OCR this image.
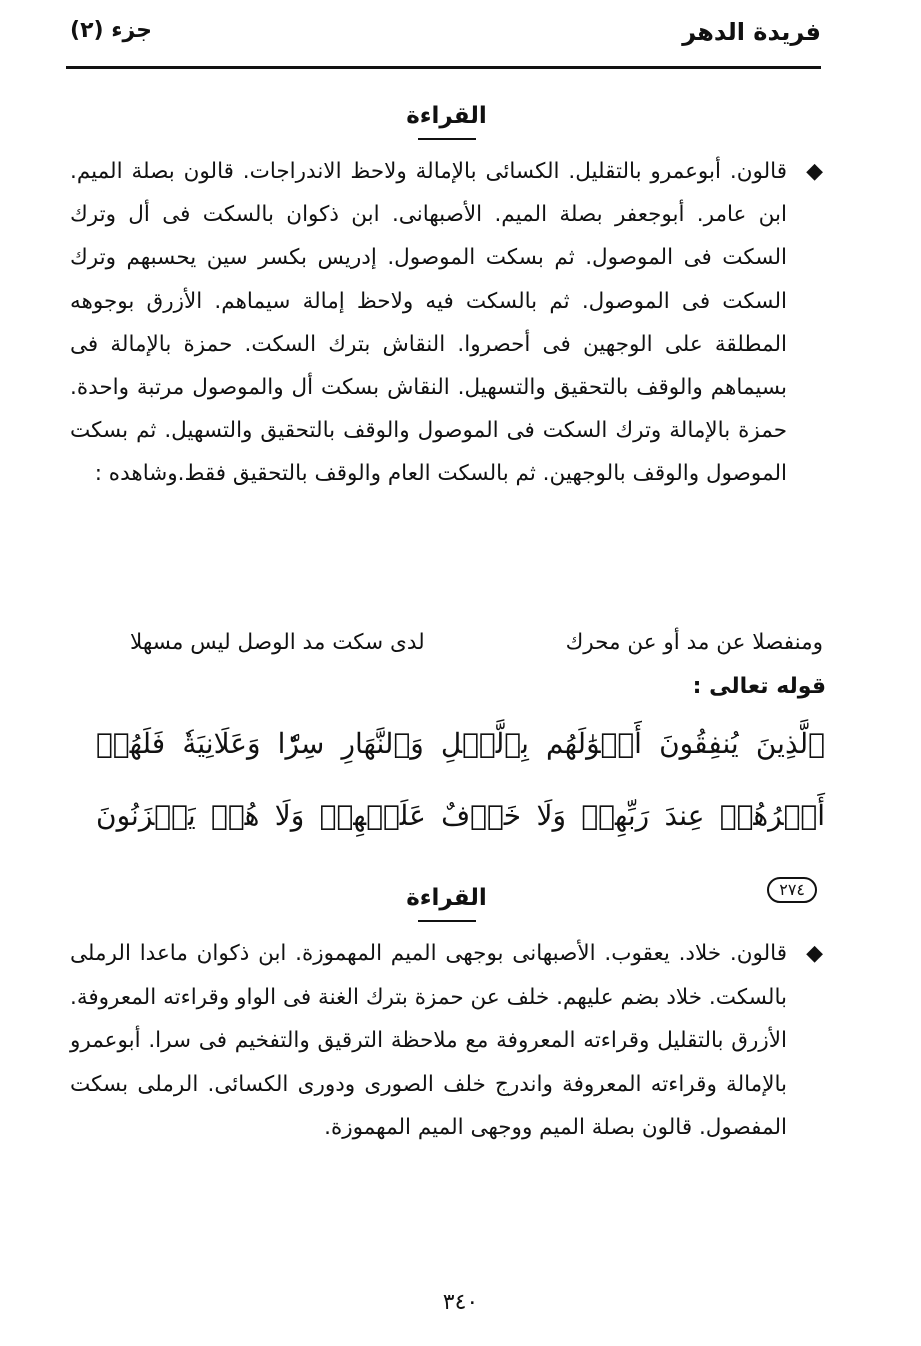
فريدة الدهر
جزء (٢)
القراءة
◆
قالون. أبوعمرو بالتقليل. الكسائى بالإمالة ولاحظ الاندراجات. قالون بصلة الميم. ابن عامر. أبوجعفر بصلة الميم. الأصبهانى. ابن ذكوان بالسكت فى أل وترك السكت فى الموصول. ثم بسكت الموصول. إدريس بكسر سين يحسبهم وترك السكت فى الموصول. ثم بالسكت فيه ولاحظ إمالة سيماهم. الأزرق بوجوهه المطلقة على الوجهين فى أحصروا. النقاش بترك السكت. حمزة بالإمالة فى بسيماهم والوقف بالتحقيق والتسهيل. النقاش بسكت أل والموصول مرتبة واحدة. حمزة بالإمالة وترك السكت فى الموصول والوقف بالتحقيق والتسهيل. ثم بسكت الموصول والوقف بالوجهين. ثم بالسكت العام والوقف بالتحقيق فقط.وشاهده :
ومنفصلا عن مد أو عن محرك
لدى سكت مد الوصل ليس مسهلا
قوله تعالى :
ٱلَّذِينَ يُنفِقُونَ أَمۡوَٰلَهُم بِٱلَّيۡلِ وَٱلنَّهَارِ سِرّٗا وَعَلَانِيَةٗ فَلَهُمۡ أَجۡرُهُمۡ عِندَ رَبِّهِمۡ وَلَا خَوۡفٌ عَلَيۡهِمۡ وَلَا هُمۡ يَحۡزَنُونَ ٢٧٤
القراءة
◆
قالون. خلاد. يعقوب. الأصبهانى بوجهى الميم المهموزة. ابن ذكوان ماعدا الرملى بالسكت. خلاد بضم عليهم. خلف عن حمزة بترك الغنة فى الواو وقراءته المعروفة. الأزرق بالتقليل وقراءته المعروفة مع ملاحظة الترقيق والتفخيم فى سرا. أبوعمرو بالإمالة وقراءته المعروفة واندرج خلف الصورى ودورى الكسائى. الرملى بسكت المفصول. قالون بصلة الميم ووجهى الميم المهموزة.
٣٤٠
